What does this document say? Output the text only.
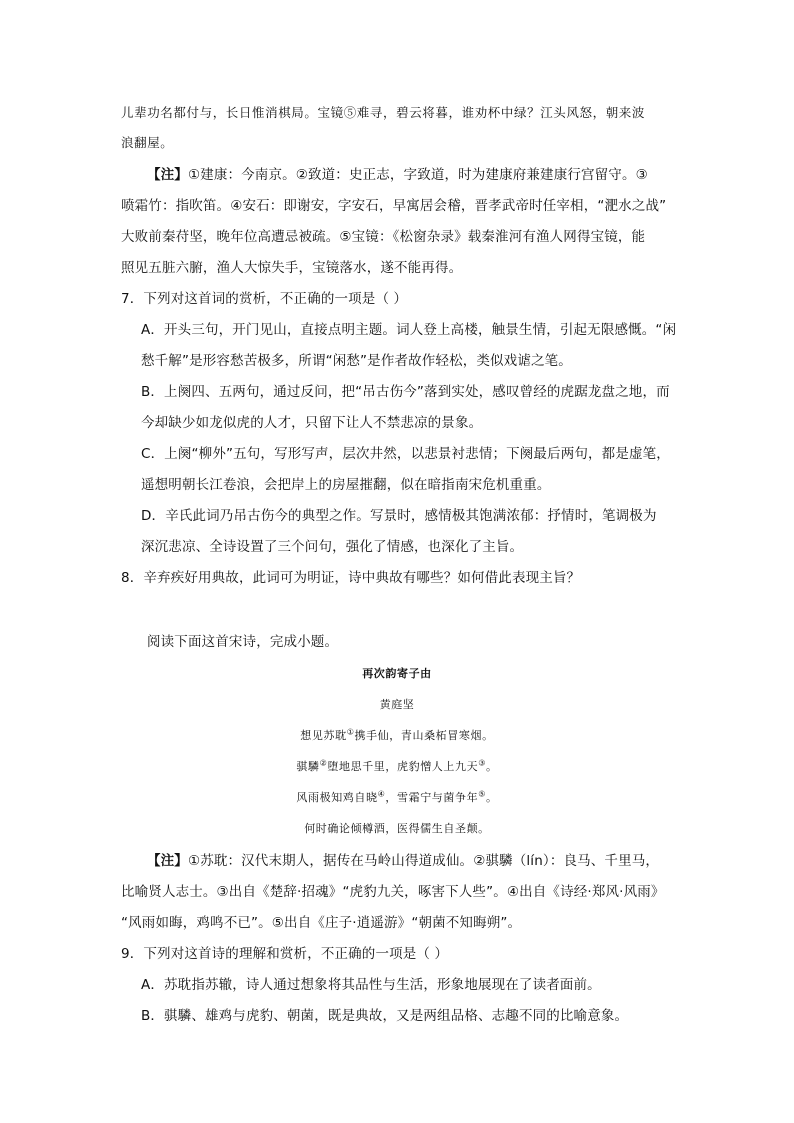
儿辈功名都付与，长日惟消棋局。宝镜⑤难寻，碧云将暮，谁劝杯中绿？江头风怒，朝来波
浪翻屋。
【注】①建康：今南京。②致道：史正志，字致道，时为建康府兼建康行宫留守。③
喷霜竹：指吹笛。④安石：即谢安，字安石，早寓居会稽，晋孝武帝时任宰相，“淝水之战”
大败前秦苻坚，晚年位高遭忌被疏。⑤宝镜：《松窗杂录》载秦淮河有渔人网得宝镜，能
照见五脏六腑，渔人大惊失手，宝镜落水，遂不能再得。
7．下列对这首词的赏析，不正确的一项是（ ）
A．开头三句，开门见山，直接点明主题。词人登上高楼，触景生情，引起无限感慨。“闲
愁千解”是形容愁苦极多，所谓“闲愁”是作者故作轻松，类似戏谑之笔。
B．上阕四、五两句，通过反问，把“吊古伤今”落到实处，感叹曾经的虎踞龙盘之地，而
今却缺少如龙似虎的人才，只留下让人不禁悲凉的景象。
C．上阕“柳外”五句，写形写声，层次井然，以悲景衬悲情；下阕最后两句，都是虚笔，
遥想明朝长江卷浪，会把岸上的房屋摧翻，似在暗指南宋危机重重。
D．辛氏此词乃吊古伤今的典型之作。写景时，感情极其饱满浓郁：抒情时，笔调极为
深沉悲凉、全诗设置了三个问句，强化了情感，也深化了主旨。
8．辛弃疾好用典故，此词可为明证，诗中典故有哪些？如何借此表现主旨？
阅读下面这首宋诗，完成小题。
再次韵寄子由
黄庭坚
想见苏耽①携手仙，青山桑柘冒寒烟。
骐驎②堕地思千里，虎豹憎人上九天③。
风雨极知鸡自晓④，雪霜宁与菌争年⑤。
何时确论倾樽酒，医得儒生自圣颠。
【注】①苏耽：汉代末期人，据传在马岭山得道成仙。②骐驎（lín）：良马、千里马，
比喻贤人志士。③出自《楚辞·招魂》“虎豹九关，啄害下人些”。④出自《诗经·郑风·风雨》
“风雨如晦，鸡鸣不已”。⑤出自《庄子·逍遥游》“朝菌不知晦朔”。
9．下列对这首诗的理解和赏析，不正确的一项是（ ）
A．苏耽指苏辙，诗人通过想象将其品性与生活，形象地展现在了读者面前。
B．骐驎、雄鸡与虎豹、朝菌，既是典故，又是两组品格、志趣不同的比喻意象。
